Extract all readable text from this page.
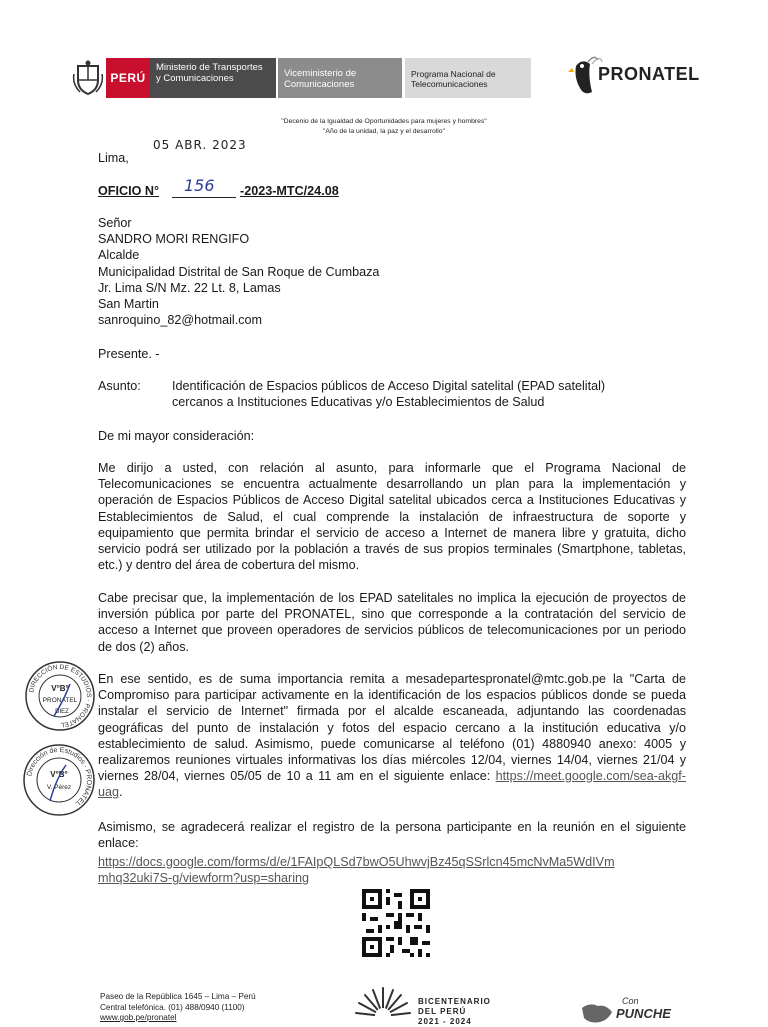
PERÚ
Ministerio de Transportes y Comunicaciones	Viceministerio de Comunicaciones
Programa Nacional de Telecomunicaciones	PRONATEL
"Decenio de la Igualdad de Oportunidades para mujeres y hombres"
"Año de la unidad, la paz y el desarrollo"
Lima,
05 ABR. 2023
OFICIO N° 156 -2023-MTC/24.08
Señor
SANDRO MORI RENGIFO
Alcalde
Municipalidad Distrital de San Roque de Cumbaza
Jr. Lima S/N Mz. 22 Lt. 8, Lamas
San Martin
sanroquino_82@hotmail.com
Presente. -
Asunto: Identificación de Espacios públicos de Acceso Digital satelital (EPAD satelital)
cercanos a Instituciones Educativas y/o Establecimientos de Salud
De mi mayor consideración:
Me dirijo a usted, con relación al asunto, para informarle que el Programa Nacional de Telecomunicaciones se encuentra actualmente desarrollando un plan para la implementación y operación de Espacios Públicos de Acceso Digital satelital ubicados cerca a Instituciones Educativas y Establecimientos de Salud, el cual comprende la instalación de infraestructura de soporte y equipamiento que permita brindar el servicio de acceso a Internet de manera libre y gratuita, dicho servicio podrá ser utilizado por la población a través de sus propios terminales (Smartphone, tabletas, etc.) y dentro del área de cobertura del mismo.
Cabe precisar que, la implementación de los EPAD satelitales no implica la ejecución de proyectos de inversión pública por parte del PRONATEL, sino que corresponde a la contratación del servicio de acceso a Internet que proveen operadores de servicios públicos de telecomunicaciones por un periodo de dos (2) años.
En ese sentido, es de suma importancia remita a mesadepartespronatel@mtc.gob.pe la "Carta de Compromiso para participar activamente en la identificación de los espacios públicos donde se pueda instalar el servicio de Internet" firmada por el alcalde escaneada, adjuntando las coordenadas geográficas del punto de instalación y fotos del espacio cercano a la institución educativa y/o establecimiento de salud. Asimismo, puede comunicarse al teléfono (01) 4880940 anexo: 4005 y realizaremos reuniones virtuales informativas los días miércoles 12/04, viernes 14/04, viernes 21/04 y viernes 28/04, viernes 05/05 de 10 a 11 am en el siguiente enlace: https://meet.google.com/sea-akgf-uag.
Asimismo, se agradecerá realizar el registro de la persona participante en la reunión en el siguiente enlace:
https://docs.google.com/forms/d/e/1FAIpQLSd7bwO5UhwvjBz45qSSrlcn45mcNvMa5WdIVm
mhq32uki7S-g/viewform?usp=sharing
DIRECCIÓN DE ESTUDIOS · PRONATEL
V°B°
PRONATEL
DIEZ
Dirección de Estudios · PRONATEL
V°B°
V. Pérez
Paseo de la República 1645 – Lima – Perú
Central telefónica. (01) 488/0940 (1100)
www.gob.pe/pronatel
BICENTENARIO
DEL PERÚ
2021 - 2024
Con
PUNCHE
